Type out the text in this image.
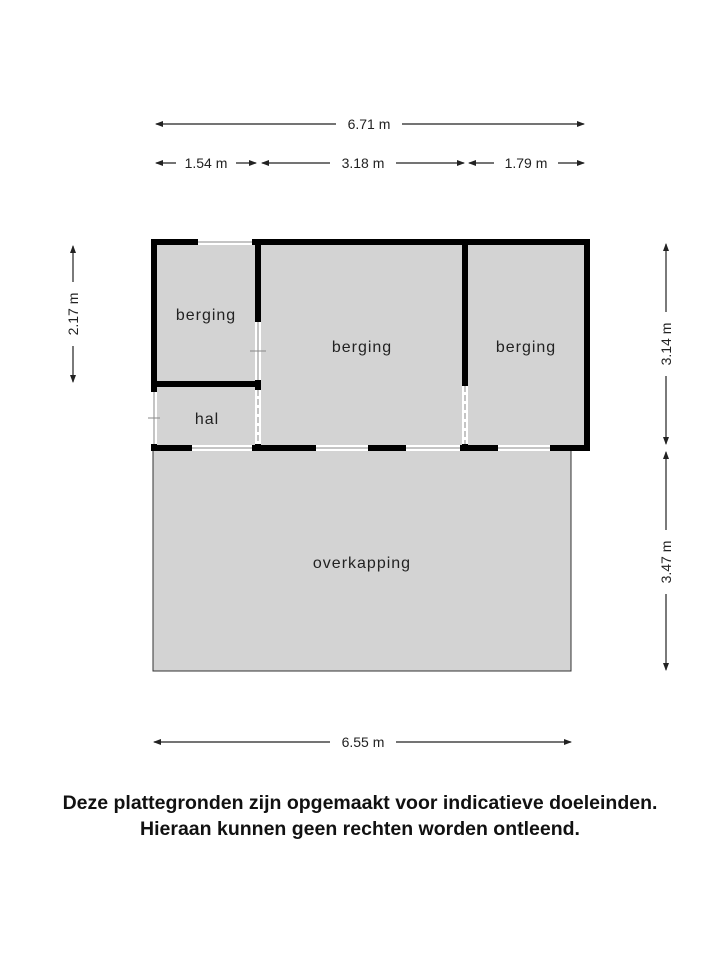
6.71 m
1.54 m	3.18 m	1.79 m
2.17 m
3.14 m
3.47 m
6.55 m
berging
berging	berging
hal
overkapping
Deze plattegronden zijn opgemaakt voor indicatieve doeleinden.
Hieraan kunnen geen rechten worden ontleend.
